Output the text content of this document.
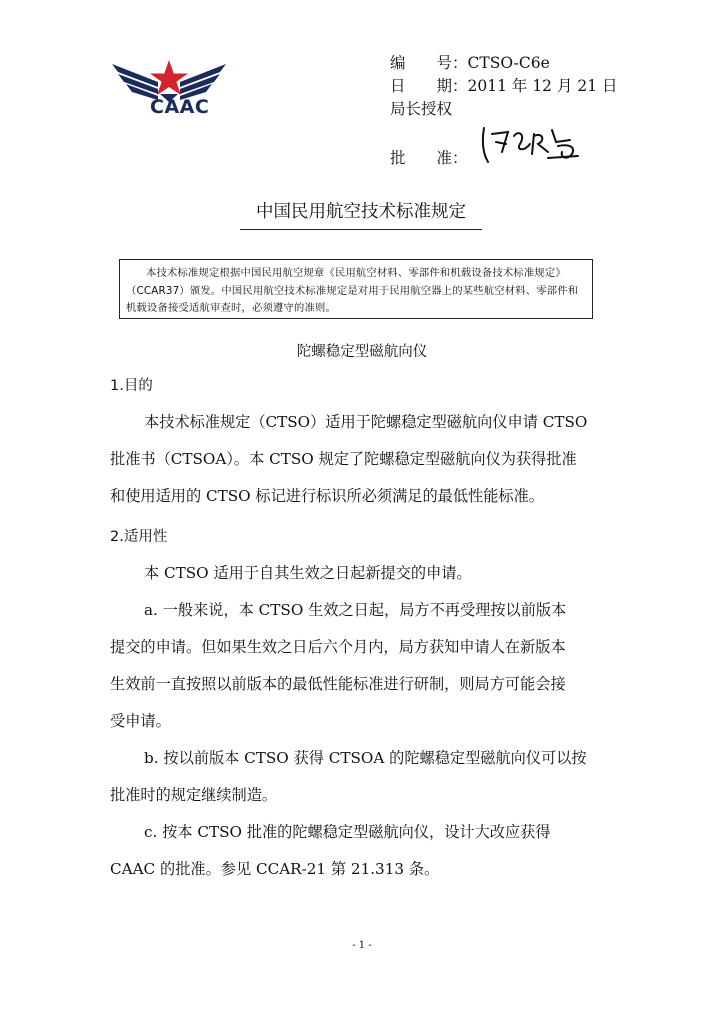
CAAC
编　　号： CTSO-C6e
日　　期： 2011 年 12 月 21 日
局长授权
批　　准：
中国民用航空技术标准规定
本技术标准规定根据中国民用航空规章《民用航空材料、零部件和机载设备技术标准规定》（CCAR37）颁发。中国民用航空技术标准规定是对用于民用航空器上的某些航空材料、零部件和机载设备接受适航审查时，必须遵守的准则。
陀螺稳定型磁航向仪
1.目的
本技术标准规定（CTSO）适用于陀螺稳定型磁航向仪申请 CTSO
批准书（CTSOA）。本 CTSO 规定了陀螺稳定型磁航向仪为获得批准
和使用适用的 CTSO 标记进行标识所必须满足的最低性能标准。
2.适用性
本 CTSO 适用于自其生效之日起新提交的申请。
a. 一般来说，本 CTSO 生效之日起，局方不再受理按以前版本
提交的申请。但如果生效之日后六个月内，局方获知申请人在新版本
生效前一直按照以前版本的最低性能标准进行研制，则局方可能会接
受申请。
b. 按以前版本 CTSO 获得 CTSOA 的陀螺稳定型磁航向仪可以按
批准时的规定继续制造。
c. 按本 CTSO 批准的陀螺稳定型磁航向仪，设计大改应获得
CAAC 的批准。参见 CCAR-21 第 21.313 条。
- 1 -
